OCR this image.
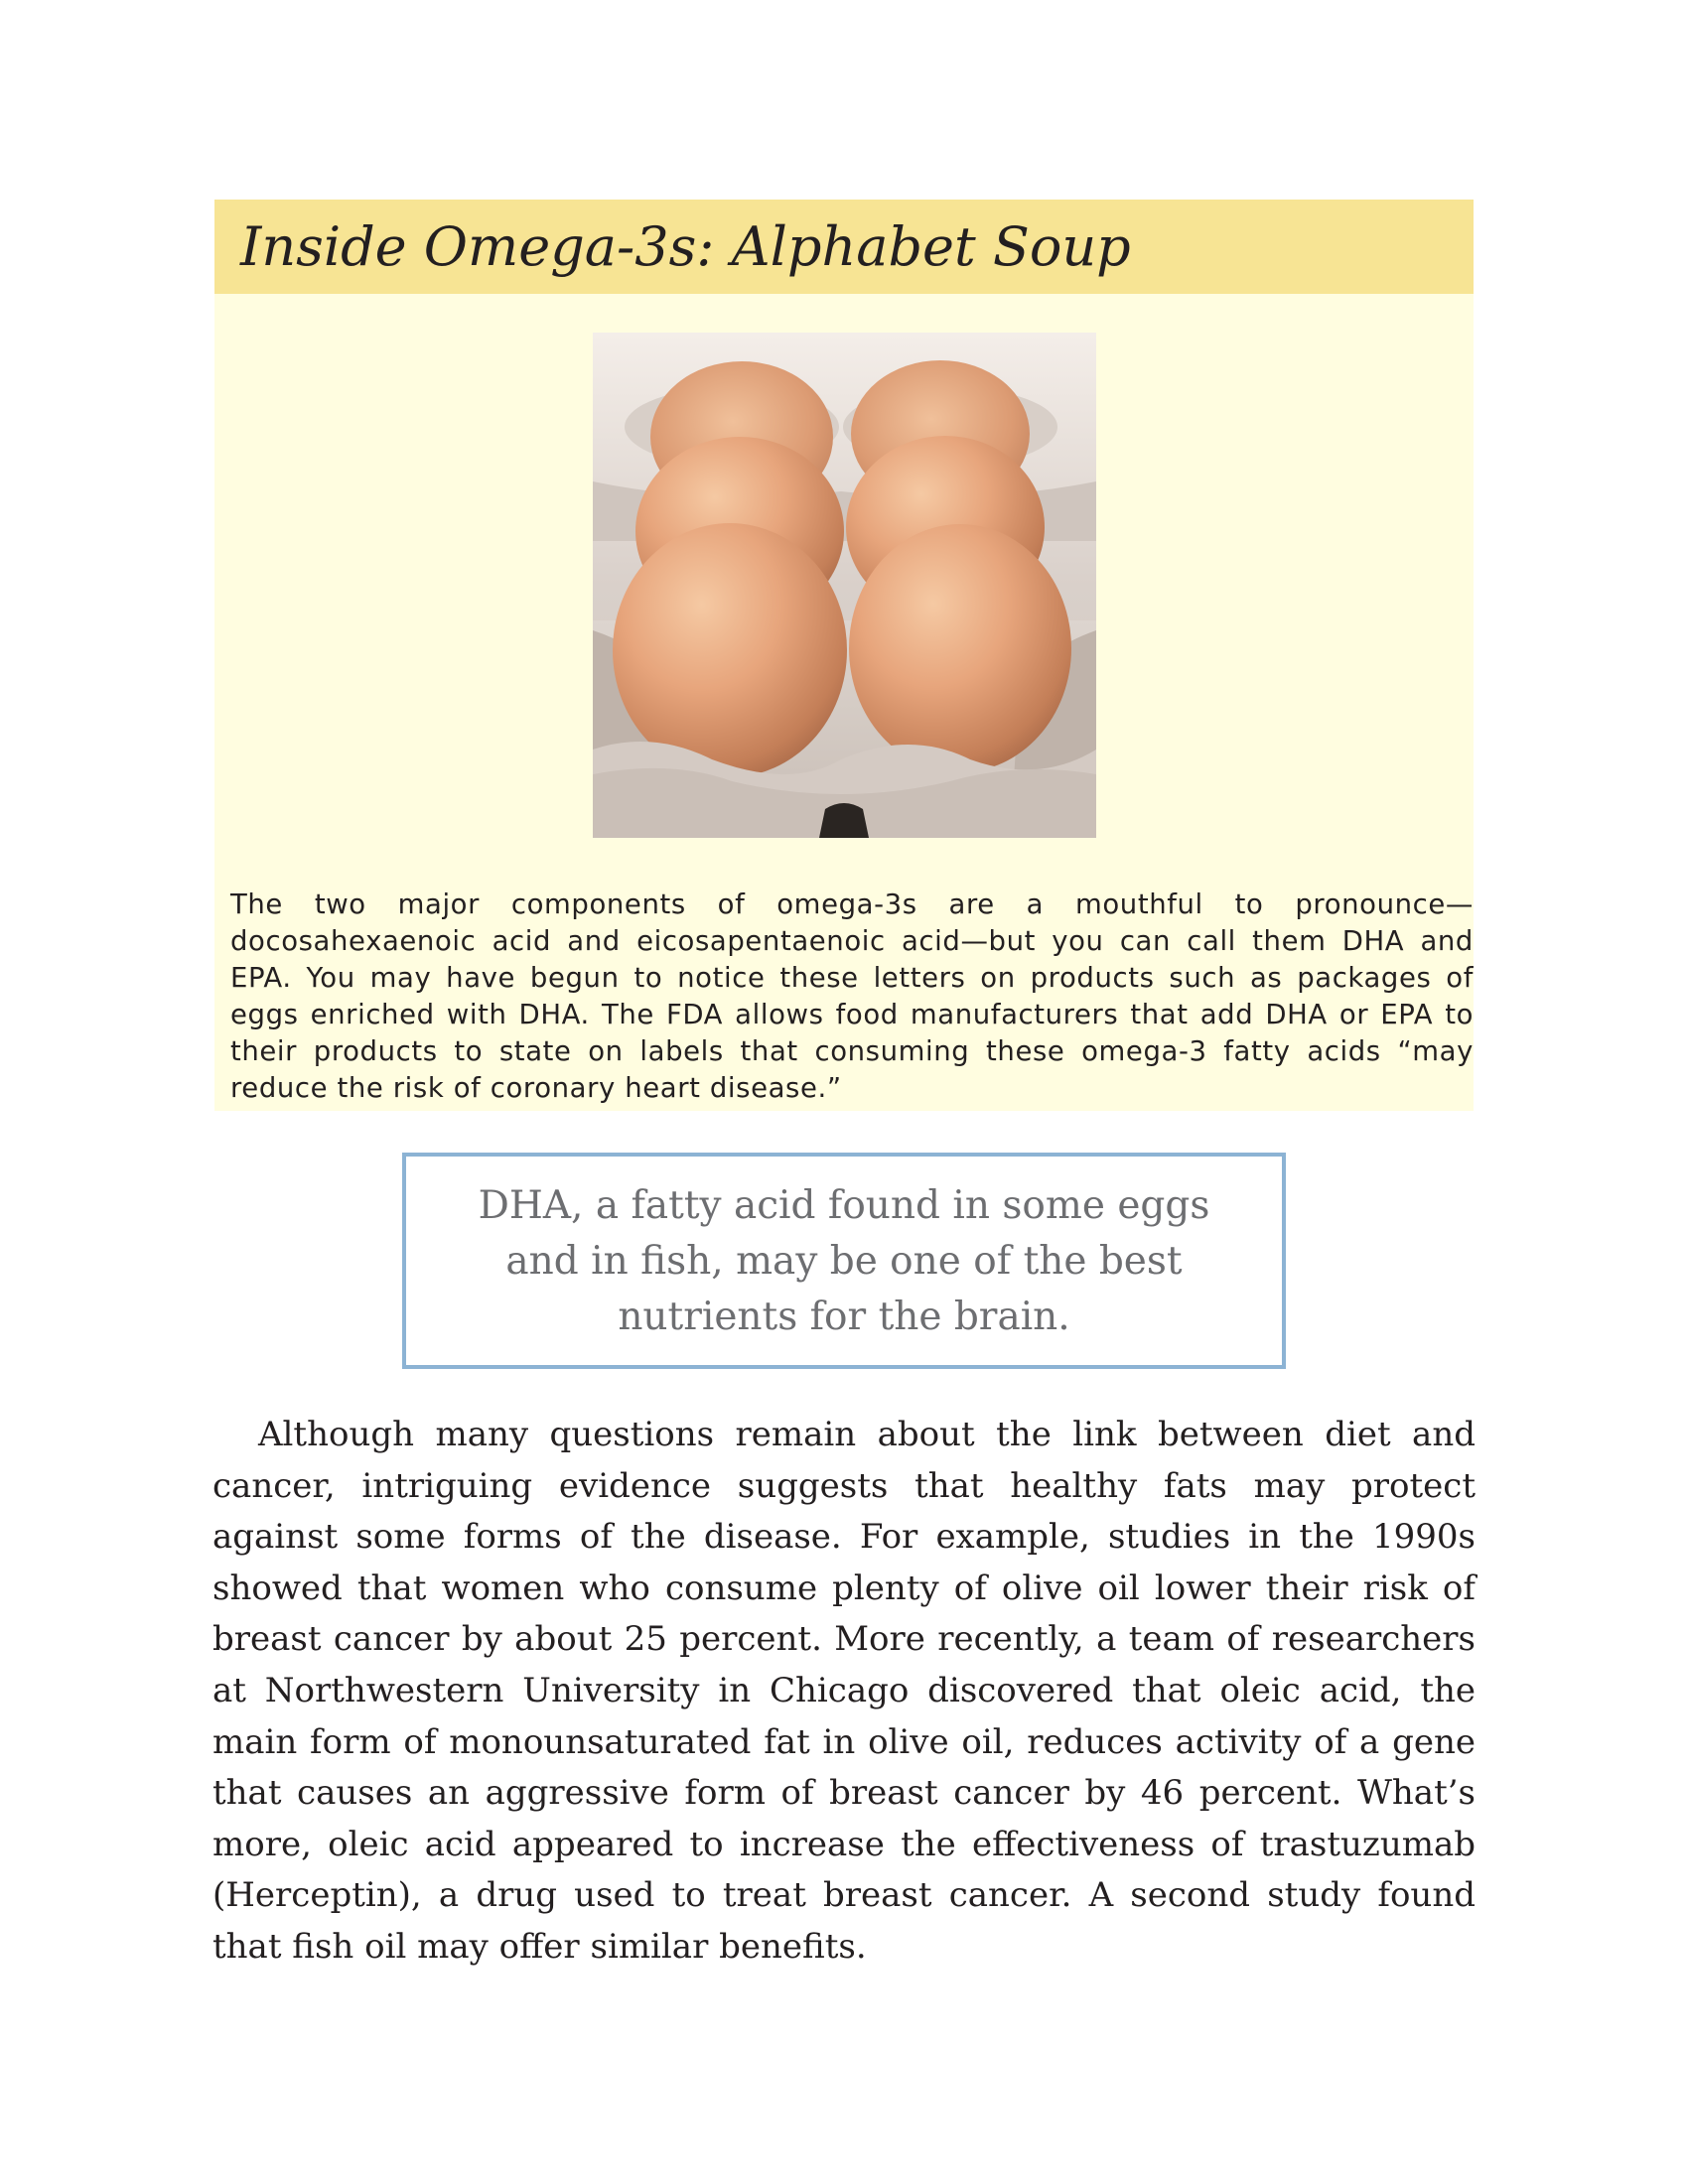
Inside Omega-3s: Alphabet Soup

The two major components of omega-3s are a mouthful to pronounce—docosahexaenoic acid and eicosapentaenoic acid—but you can call them DHA and EPA. You may have begun to notice these letters on products such as packages of eggs enriched with DHA. The FDA allows food manufacturers that add DHA or EPA to their products to state on labels that consuming these omega-3 fatty acids “may reduce the risk of coronary heart disease.”

DHA, a fatty acid found in some eggs and in fish, may be one of the best nutrients for the brain.

Although many questions remain about the link between diet and cancer, intriguing evidence suggests that healthy fats may protect against some forms of the disease. For example, studies in the 1990s showed that women who consume plenty of olive oil lower their risk of breast cancer by about 25 percent. More recently, a team of researchers at Northwestern University in Chicago discovered that oleic acid, the main form of monounsaturated fat in olive oil, reduces activity of a gene that causes an aggressive form of breast cancer by 46 percent. What’s more, oleic acid appeared to increase the effectiveness of trastuzumab (Herceptin), a drug used to treat breast cancer. A second study found that fish oil may offer similar benefits.
